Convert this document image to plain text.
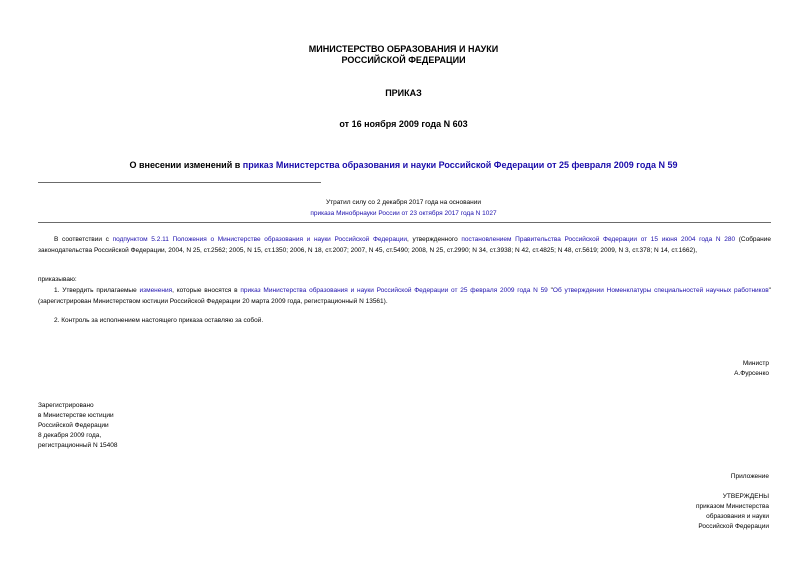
МИНИСТЕРСТВО ОБРАЗОВАНИЯ И НАУКИ
РОССИЙСКОЙ ФЕДЕРАЦИИ
ПРИКАЗ
от 16 ноября 2009 года N 603
О внесении изменений в приказ Министерства образования и науки Российской Федерации от 25 февраля 2009 года N 59
Утратил силу со 2 декабря 2017 года на основании
приказа Минобрнауки России от 23 октября 2017 года N 1027
В соответствии с подпунктом 5.2.11 Положения о Министерстве образования и науки Российской Федерации, утвержденного постановлением Правительства Российской Федерации от 15 июня 2004 года N 280 (Собрание законодательства Российской Федерации, 2004, N 25, ст.2562; 2005, N 15, ст.1350; 2006, N 18, ст.2007; 2007, N 45, ст.5490; 2008, N 25, ст.2990; N 34, ст.3938; N 42, ст.4825; N 48, ст.5619; 2009, N 3, ст.378; N 14, ст.1662),
приказываю:
1. Утвердить прилагаемые изменения, которые вносятся в приказ Министерства образования и науки Российской Федерации от 25 февраля 2009 года N 59 "Об утверждении Номенклатуры специальностей научных работников" (зарегистрирован Министерством юстиции Российской Федерации 20 марта 2009 года, регистрационный N 13561).
2. Контроль за исполнением настоящего приказа оставляю за собой.
Министр
А.Фурсенко
Зарегистрировано
в Министерстве юстиции
Российской Федерации
8 декабря 2009 года,
регистрационный N 15408
Приложение
УТВЕРЖДЕНЫ
приказом Министерства
образования и науки
Российской Федерации
